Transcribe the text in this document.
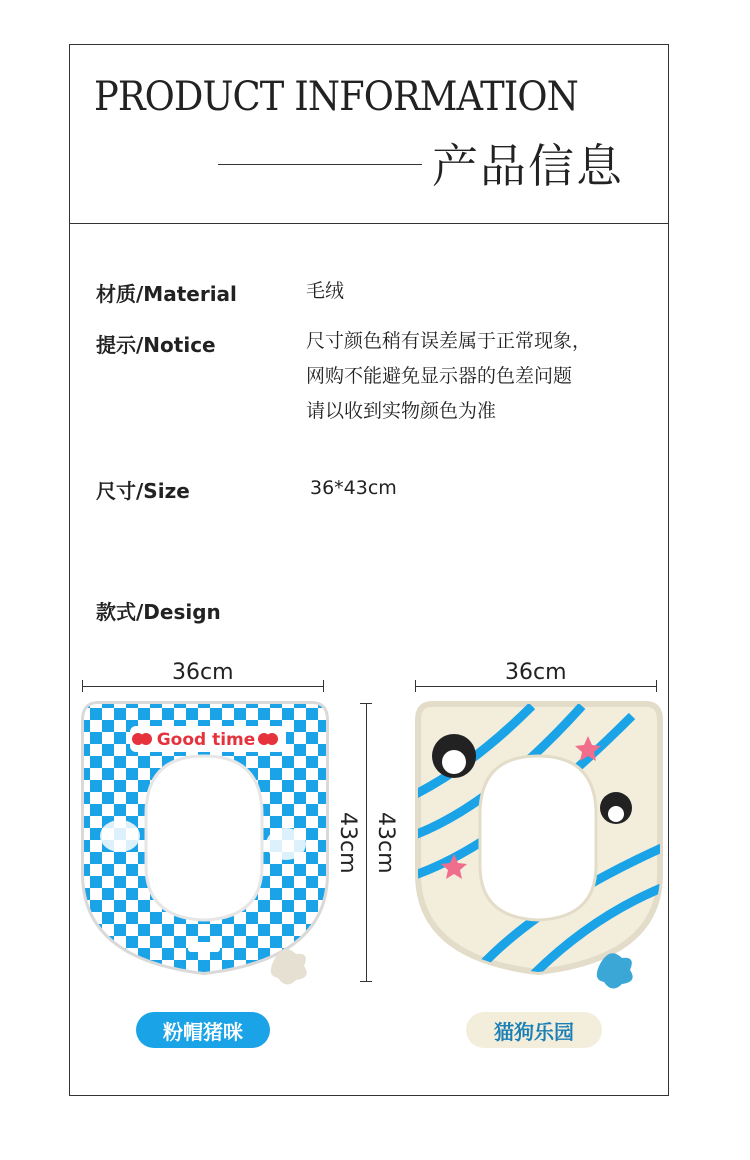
PRODUCT INFORMATION
产品信息
材质/Material	毛绒
提示/Notice	尺寸颜色稍有误差属于正常现象，
网购不能避免显示器的色差问题
请以收到实物颜色为准
尺寸/Size	36*43cm
款式/Design
36cm	36cm
43cm 43cm
Good time
粉帽猪咪	猫狗乐园
